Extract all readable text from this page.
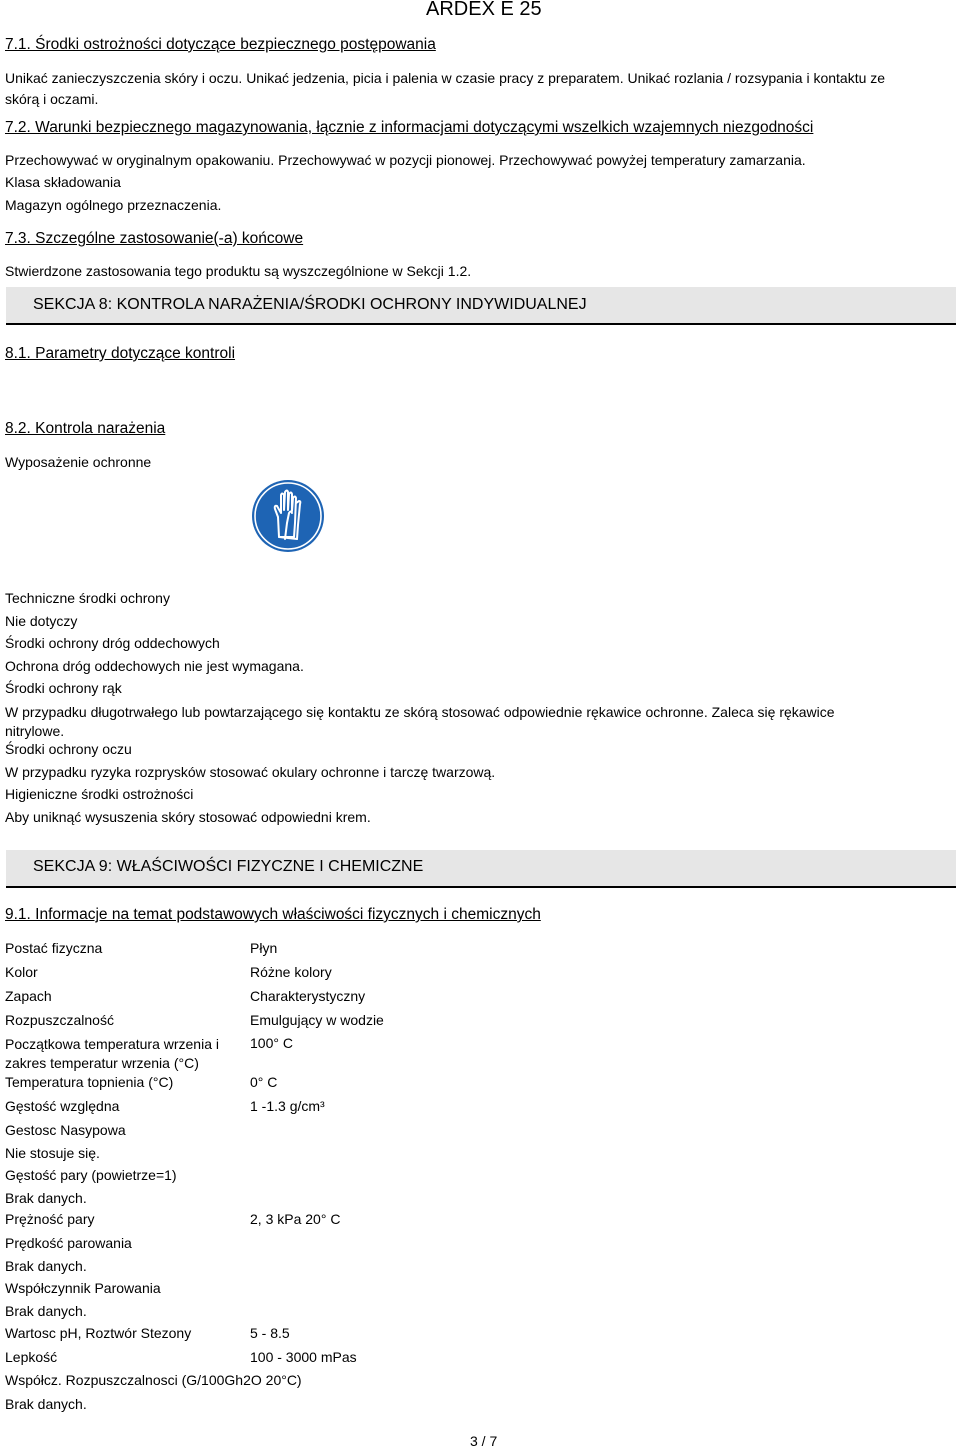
ARDEX E 25
7.1. Środki ostrożności dotyczące bezpiecznego postępowania
Unikać zanieczyszczenia skóry i oczu. Unikać jedzenia, picia i palenia w czasie pracy z preparatem. Unikać rozlania / rozsypania i kontaktu ze skórą i oczami.
7.2. Warunki bezpiecznego magazynowania, łącznie z informacjami dotyczącymi wszelkich wzajemnych niezgodności
Przechowywać w oryginalnym opakowaniu. Przechowywać w pozycji pionowej. Przechowywać powyżej temperatury zamarzania.
Klasa składowania
Magazyn ogólnego przeznaczenia.
7.3. Szczególne zastosowanie(-a) końcowe
Stwierdzone zastosowania tego produktu są wyszczególnione w Sekcji 1.2.
SEKCJA 8: KONTROLA NARAŻENIA/ŚRODKI OCHRONY INDYWIDUALNEJ
8.1. Parametry dotyczące kontroli
8.2. Kontrola narażenia
Wyposażenie ochronne
Techniczne środki ochrony
Nie dotyczy
Środki ochrony dróg oddechowych
Ochrona dróg oddechowych nie jest wymagana.
Środki ochrony rąk
W przypadku długotrwałego lub powtarzającego się kontaktu ze skórą stosować odpowiednie rękawice ochronne. Zaleca się rękawice nitrylowe.
Środki ochrony oczu
W przypadku ryzyka rozprysków stosować okulary ochronne i tarczę twarzową.
Higieniczne środki ostrożności
Aby uniknąć wysuszenia skóry stosować odpowiedni krem.
SEKCJA 9: WŁAŚCIWOŚCI FIZYCZNE I CHEMICZNE
9.1. Informacje na temat podstawowych właściwości fizycznych i chemicznych
Postać fizyczna	Płyn
Kolor	Różne kolory
Zapach	Charakterystyczny
Rozpuszczalność	Emulgujący w wodzie
Początkowa temperatura wrzenia i zakres temperatur wrzenia (°C)
100° C
Temperatura topnienia (°C)	0° C
Gęstość względna	1 -1.3 g/cm³
Gestosc Nasypowa
Nie stosuje się.
Gęstość pary (powietrze=1)
Brak danych.
Prężność pary	2, 3 kPa 20° C
Prędkość parowania
Brak danych.
Współczynnik Parowania
Brak danych.
Wartosc pH, Roztwór Stezony	5 - 8.5
Lepkość	100 - 3000 mPas
Współcz. Rozpuszczalnosci (G/100Gh2O 20°C)
Brak danych.
3 / 7
